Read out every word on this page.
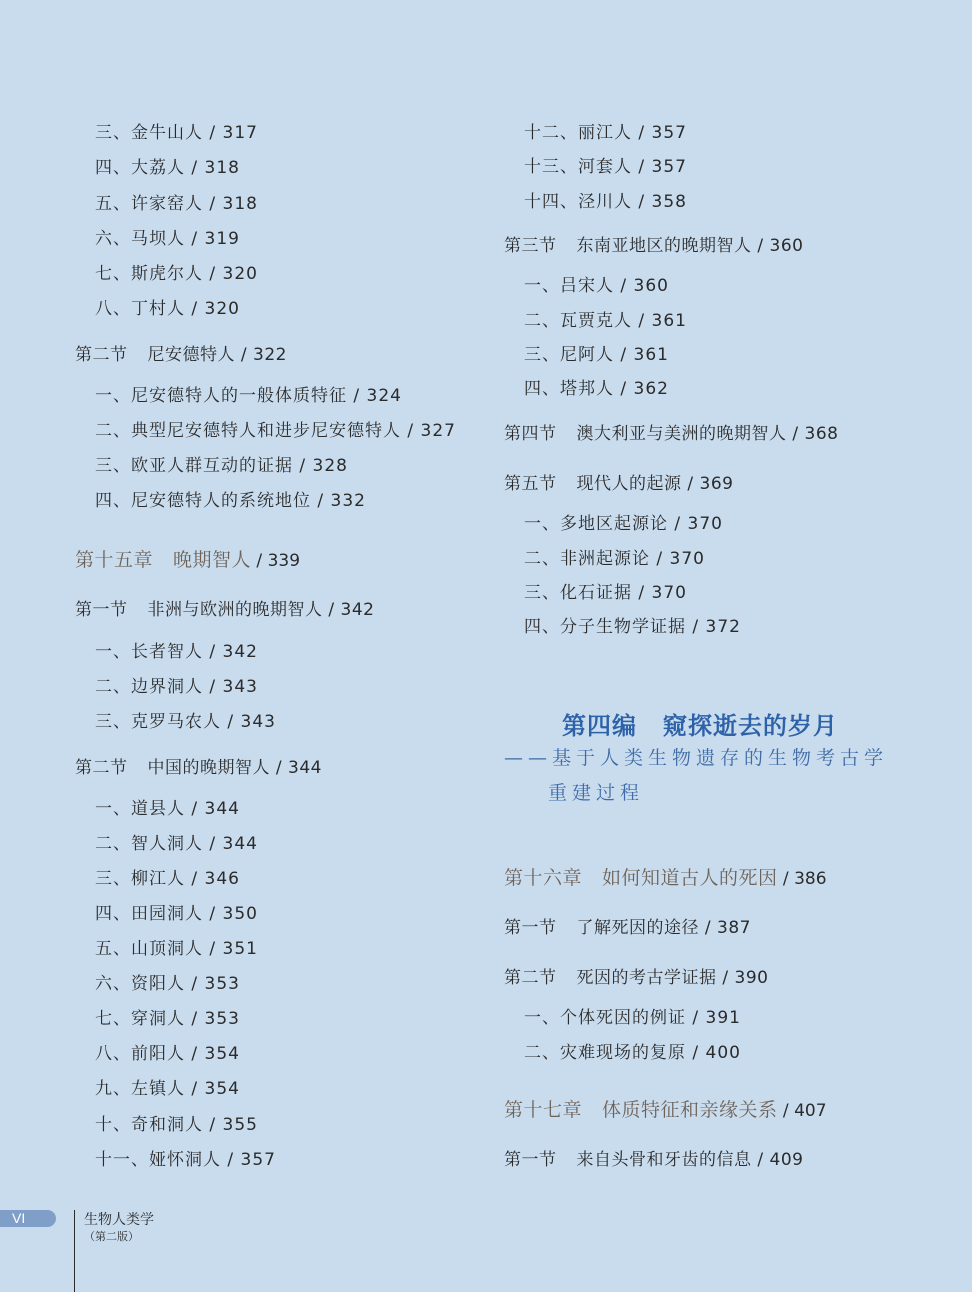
三、金牛山人 / 317
四、大荔人 / 318
五、许家窑人 / 318
六、马坝人 / 319
七、斯虎尔人 / 320
八、丁村人 / 320
第二节 尼安德特人 / 322
一、尼安德特人的一般体质特征 / 324
二、典型尼安德特人和进步尼安德特人 / 327
三、欧亚人群互动的证据 / 328
四、尼安德特人的系统地位 / 332
第十五章 晚期智人 / 339
第一节 非洲与欧洲的晚期智人 / 342
一、长者智人 / 342
二、边界洞人 / 343
三、克罗马农人 / 343
第二节 中国的晚期智人 / 344
一、道县人 / 344
二、智人洞人 / 344
三、柳江人 / 346
四、田园洞人 / 350
五、山顶洞人 / 351
六、资阳人 / 353
七、穿洞人 / 353
八、前阳人 / 354
九、左镇人 / 354
十、奇和洞人 / 355
十一、娅怀洞人 / 357
十二、丽江人 / 357
十三、河套人 / 357
十四、泾川人 / 358
第三节 东南亚地区的晚期智人 / 360
一、吕宋人 / 360
二、瓦贾克人 / 361
三、尼阿人 / 361
四、塔邦人 / 362
第四节 澳大利亚与美洲的晚期智人 / 368
第五节 现代人的起源 / 369
一、多地区起源论 / 370
二、非洲起源论 / 370
三、化石证据 / 370
四、分子生物学证据 / 372
第十六章 如何知道古人的死因 / 386
第一节 了解死因的途径 / 387
第二节 死因的考古学证据 / 390
一、个体死因的例证 / 391
二、灾难现场的复原 / 400
第十七章 体质特征和亲缘关系 / 407
第一节 来自头骨和牙齿的信息 / 409
第四编 窥探逝去的岁月
——基于人类生物遗存的生物考古学
重建过程
VI	生物人类学
（第二版）
